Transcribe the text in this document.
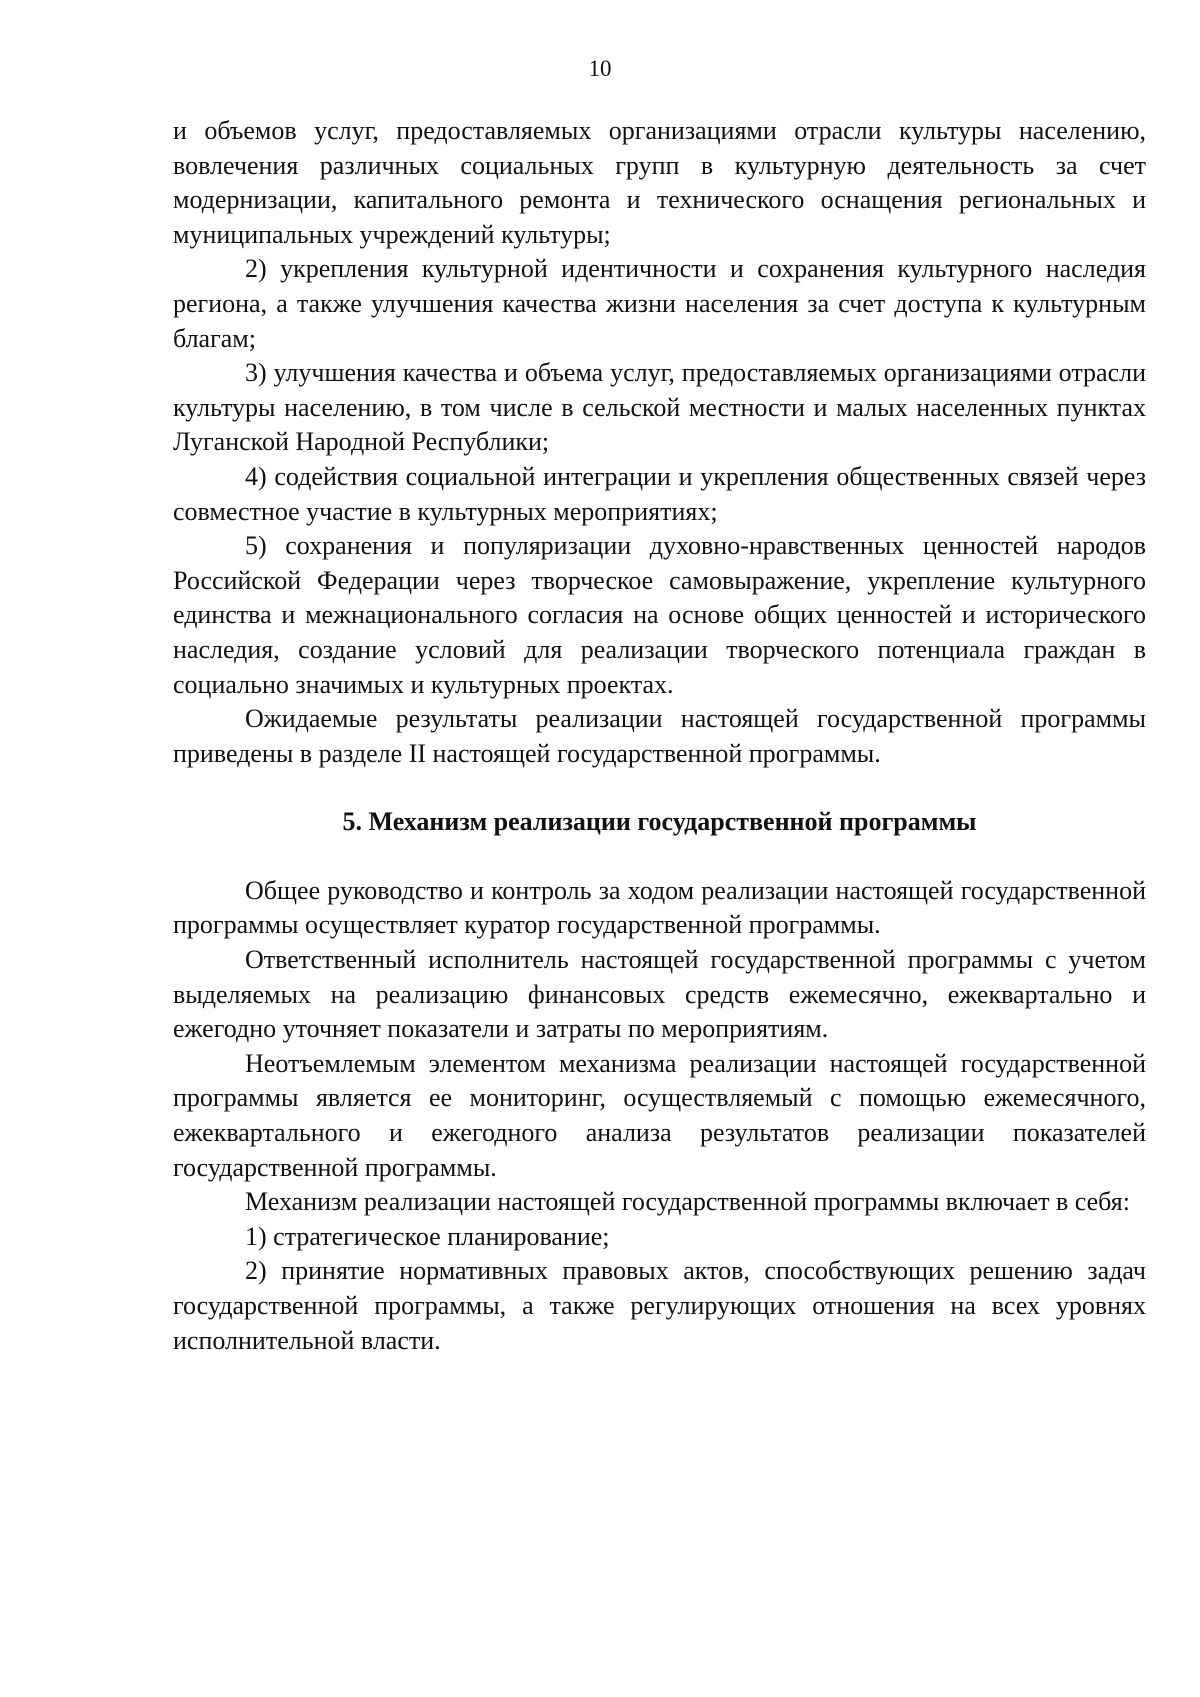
10

и объемов услуг, предоставляемых организациями отрасли культуры населению, вовлечения различных социальных групп в культурную деятельность за счет модернизации, капитального ремонта и технического оснащения региональных и муниципальных учреждений культуры;

2) укрепления культурной идентичности и сохранения культурного наследия региона, а также улучшения качества жизни населения за счет доступа к культурным благам;

3) улучшения качества и объема услуг, предоставляемых организациями отрасли культуры населению, в том числе в сельской местности и малых населенных пунктах Луганской Народной Республики;

4) содействия социальной интеграции и укрепления общественных связей через совместное участие в культурных мероприятиях;

5) сохранения и популяризации духовно-нравственных ценностей народов Российской Федерации через творческое самовыражение, укрепление культурного единства и межнационального согласия на основе общих ценностей и исторического наследия, создание условий для реализации творческого потенциала граждан в социально значимых и культурных проектах.

Ожидаемые результаты реализации настоящей государственной программы приведены в разделе II настоящей государственной программы.

5. Механизм реализации государственной программы

Общее руководство и контроль за ходом реализации настоящей государственной программы осуществляет куратор государственной программы.

Ответственный исполнитель настоящей государственной программы с учетом выделяемых на реализацию финансовых средств ежемесячно, ежеквартально и ежегодно уточняет показатели и затраты по мероприятиям.

Неотъемлемым элементом механизма реализации настоящей государственной программы является ее мониторинг, осуществляемый с помощью ежемесячного, ежеквартального и ежегодного анализа результатов реализации показателей государственной программы.

Механизм реализации настоящей государственной программы включает в себя:

1) стратегическое планирование;

2) принятие нормативных правовых актов, способствующих решению задач государственной программы, а также регулирующих отношения на всех уровнях исполнительной власти.
